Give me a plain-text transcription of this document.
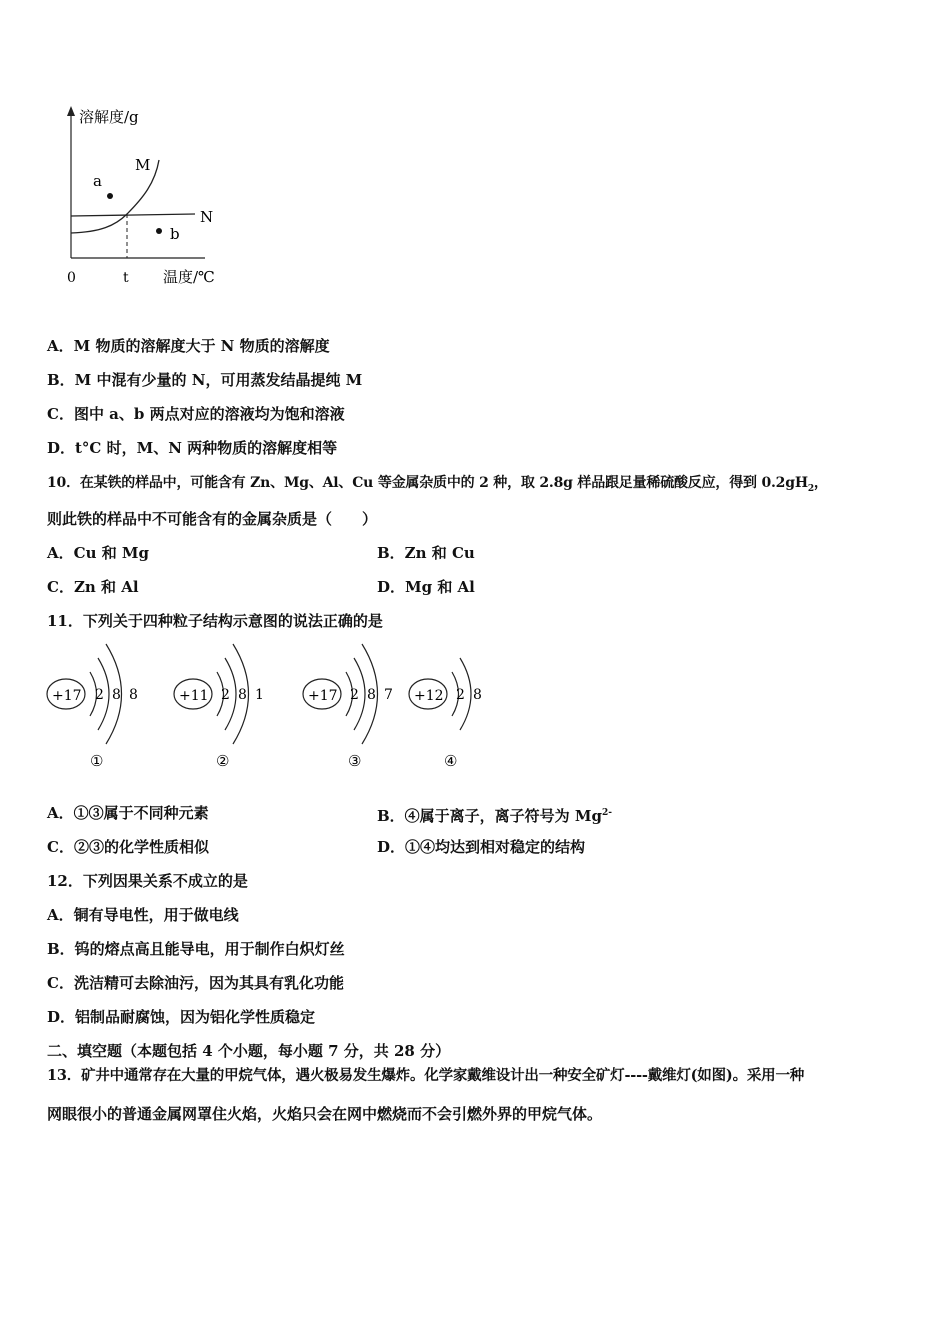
溶解度/g
M
a
N
b
0	t 温度/℃
A．M 物质的溶解度大于 N 物质的溶解度
B．M 中混有少量的 N，可用蒸发结晶提纯 M
C．图中 a、b 两点对应的溶液均为饱和溶液
D．t°C 时，M、N 两种物质的溶解度相等
10．在某铁的样品中，可能含有 Zn、Mg、Al、Cu 等金属杂质中的 2 种，取 2.8g 样品跟足量稀硫酸反应，得到 $0.2gH_2$，
则此铁的样品中不可能含有的金属杂质是（　　）
A．Cu 和 Mg	B．Zn 和 Cu
C．Zn 和 Al	D．Mg 和 Al
11．下列关于四种粒子结构示意图的说法正确的是
+17 2 8 8
①
+11 2 8 1
②
+17 2 8 7
③
+12 2 8
④
A．①③属于不同种元素	B．④属于离子，离子符号为 $Mg^{2-}$
C．②③的化学性质相似	D．①④均达到相对稳定的结构
12．下列因果关系不成立的是
A．铜有导电性，用于做电线
B．钨的熔点高且能导电，用于制作白炽灯丝
C．洗洁精可去除油污，因为其具有乳化功能
D．铝制品耐腐蚀，因为铝化学性质稳定
二、填空题（本题包括 4 个小题，每小题 7 分，共 28 分）
13．矿井中通常存在大量的甲烷气体，遇火极易发生爆炸。化学家戴维设计出一种安全矿灯----戴维灯(如图)。采用一种
网眼很小的普通金属网罩住火焰，火焰只会在网中燃烧而不会引燃外界的甲烷气体。
